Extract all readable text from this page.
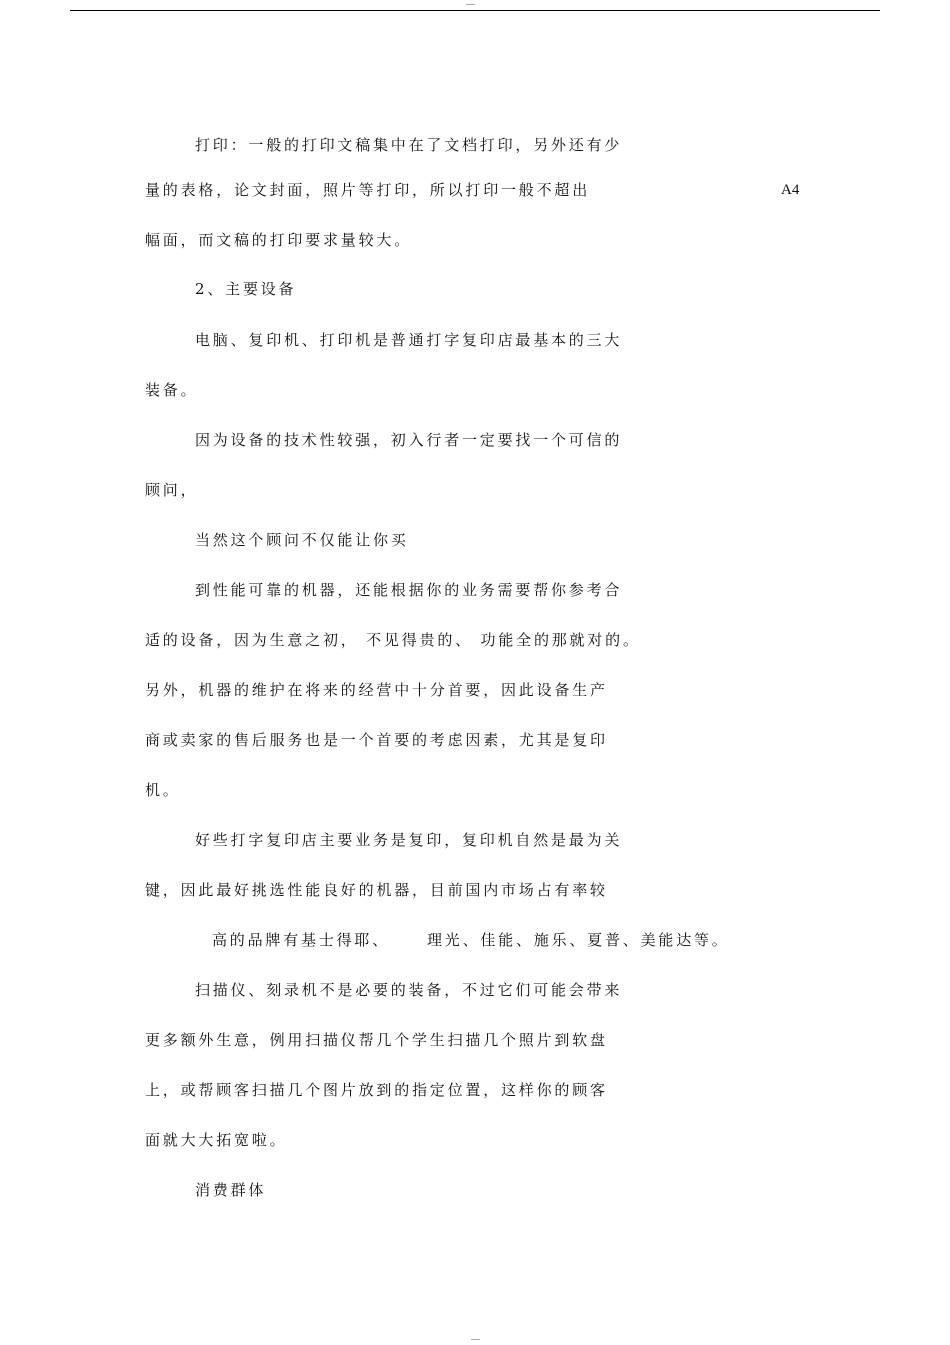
打印：一般的打印文稿集中在了文档打印，另外还有少
量的表格，论文封面，照片等打印，所以打印一般不超出	A4
幅面，而文稿的打印要求量较大。
2、主要设备
电脑、复印机、打印机是普通打字复印店最基本的三大
装备。
因为设备的技术性较强，初入行者一定要找一个可信的
顾问，
当然这个顾问不仅能让你买
到性能可靠的机器，还能根据你的业务需要帮你参考合
适的设备，因为生意之初， 不见得贵的、 功能全的那就对的。
另外，机器的维护在将来的经营中十分首要，因此设备生产
商或卖家的售后服务也是一个首要的考虑因素，尤其是复印
机。
好些打字复印店主要业务是复印，复印机自然是最为关
键，因此最好挑选性能良好的机器，目前国内市场占有率较
高的品牌有基士得耶、 理光、佳能、施乐、夏普、美能达等。
扫描仪、刻录机不是必要的装备，不过它们可能会带来
更多额外生意，例用扫描仪帮几个学生扫描几个照片到软盘
上，或帮顾客扫描几个图片放到的指定位置，这样你的顾客
面就大大拓宽啦。
消费群体
